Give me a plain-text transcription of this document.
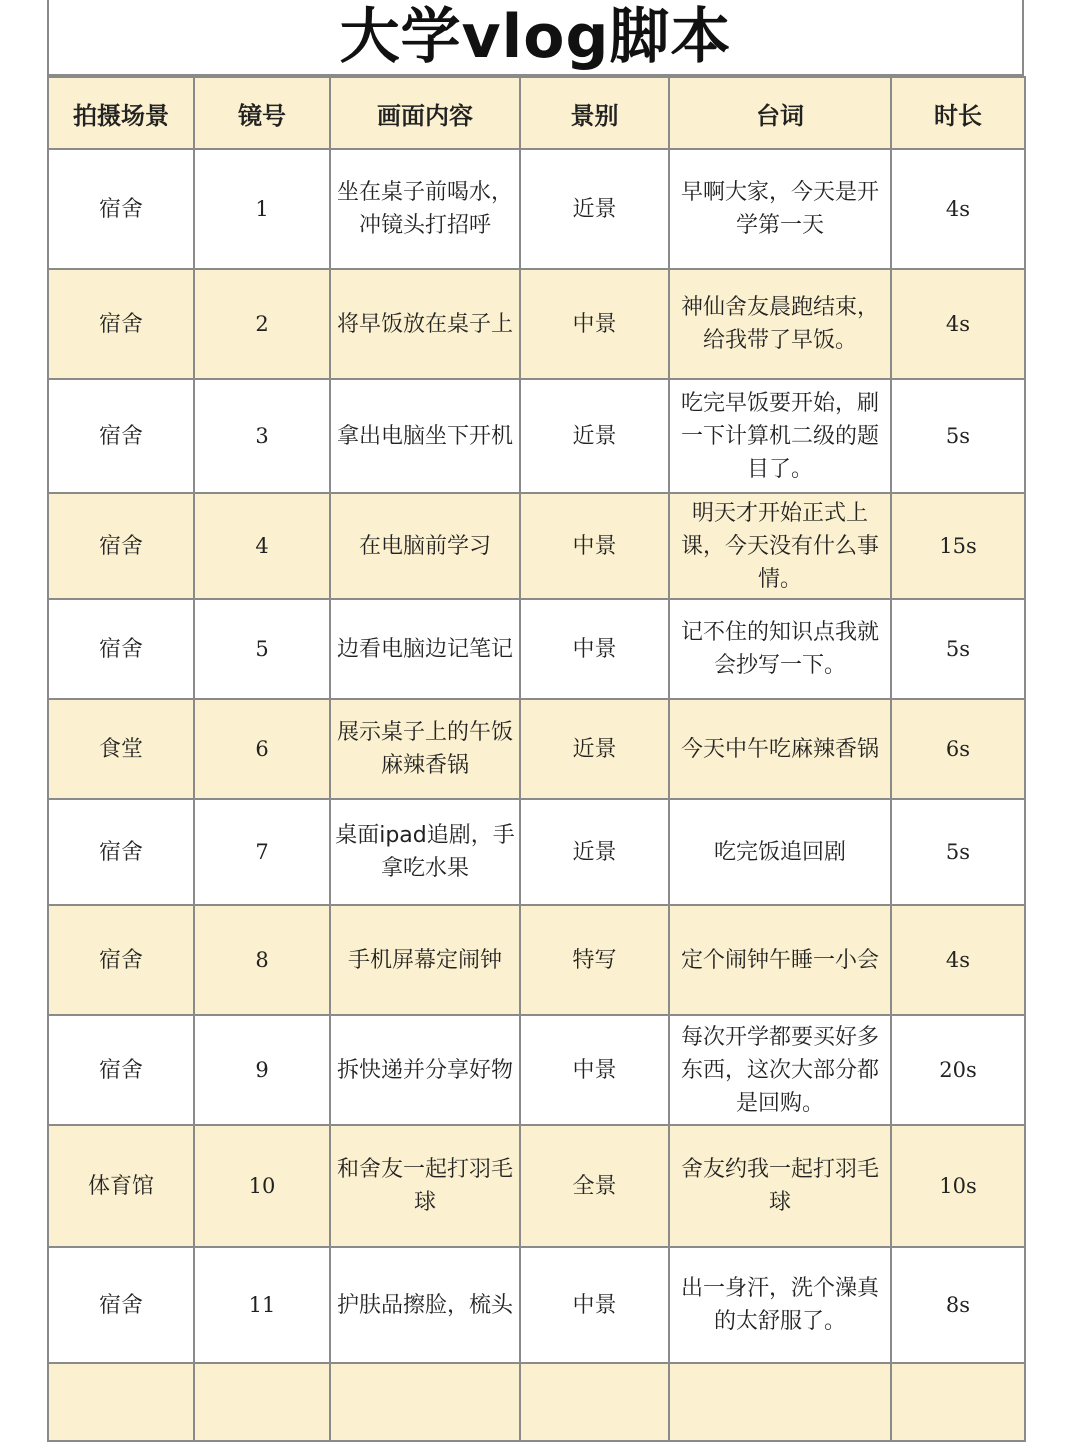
大学vlog脚本
拍摄场景	镜号	画面内容	景别	台词	时长
宿舍	1	坐在桌子前喝水，冲镜头打招呼	近景	早啊大家，今天是开学第一天	4s
宿舍	2	将早饭放在桌子上	中景	神仙舍友晨跑结束，给我带了早饭。	4s
宿舍	3	拿出电脑坐下开机	近景	吃完早饭要开始，刷一下计算机二级的题目了。	5s
宿舍	4	在电脑前学习	中景	明天才开始正式上课，今天没有什么事情。	15s
宿舍	5	边看电脑边记笔记	中景	记不住的知识点我就会抄写一下。	5s
食堂	6	展示桌子上的午饭麻辣香锅	近景	今天中午吃麻辣香锅	6s
宿舍	7	桌面ipad追剧，手拿吃水果	近景	吃完饭追回剧	5s
宿舍	8	手机屏幕定闹钟	特写	定个闹钟午睡一小会	4s
宿舍	9	拆快递并分享好物	中景	每次开学都要买好多东西，这次大部分都是回购。	20s
体育馆	10	和舍友一起打羽毛球	全景	舍友约我一起打羽毛球	10s
宿舍	11	护肤品擦脸，梳头	中景	出一身汗，洗个澡真的太舒服了。	8s
